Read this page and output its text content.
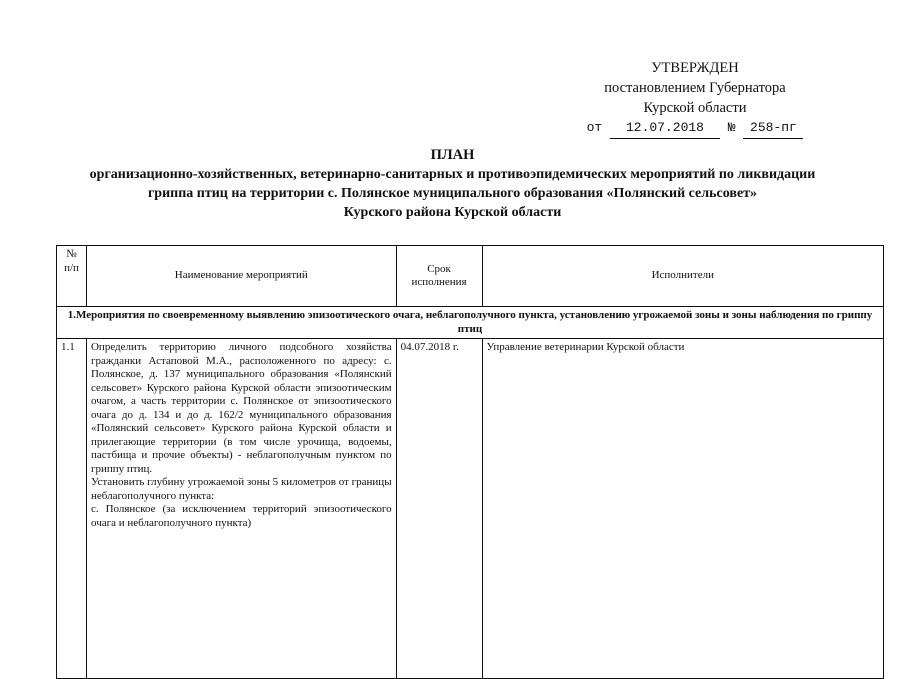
УТВЕРЖДЕН
постановлением Губернатора
Курской области
от 12.07.2018 № 258-пг
ПЛАН
организационно-хозяйственных, ветеринарно-санитарных и противоэпидемических мероприятий по ликвидации
гриппа птиц на территории с. Полянское муниципального образования «Полянский сельсовет»
Курского района Курской области
№ п/п	Наименование мероприятий	Срок исполнения	Исполнители
1.Мероприятия по своевременному выявлению эпизоотического очага, неблагополучного пункта, установлению угрожаемой зоны и зоны наблюдения по гриппу птиц			
1.1	Определить территорию личного подсобного хозяйства гражданки Астаповой М.А., расположенного по адресу: с. Полянское, д. 137 муниципального образования «Полянский сельсовет» Курского района Курской области эпизоотическим очагом, а часть территории с. Полянское от эпизоотического очага до д. 134 и до д. 162/2 муниципального образования «Полянский сельсовет» Курского района Курской области и прилегающие территории (в том числе урочища, водоемы, пастбища и прочие объекты) - неблагополучным пунктом по гриппу птиц.

Установить глубину угрожаемой зоны 5 километров от границы неблагополучного пункта:

с. Полянское (за исключением территорий эпизоотического очага и неблагополучного пункта)	04.07.2018 г.	Управление ветеринарии Курской области
